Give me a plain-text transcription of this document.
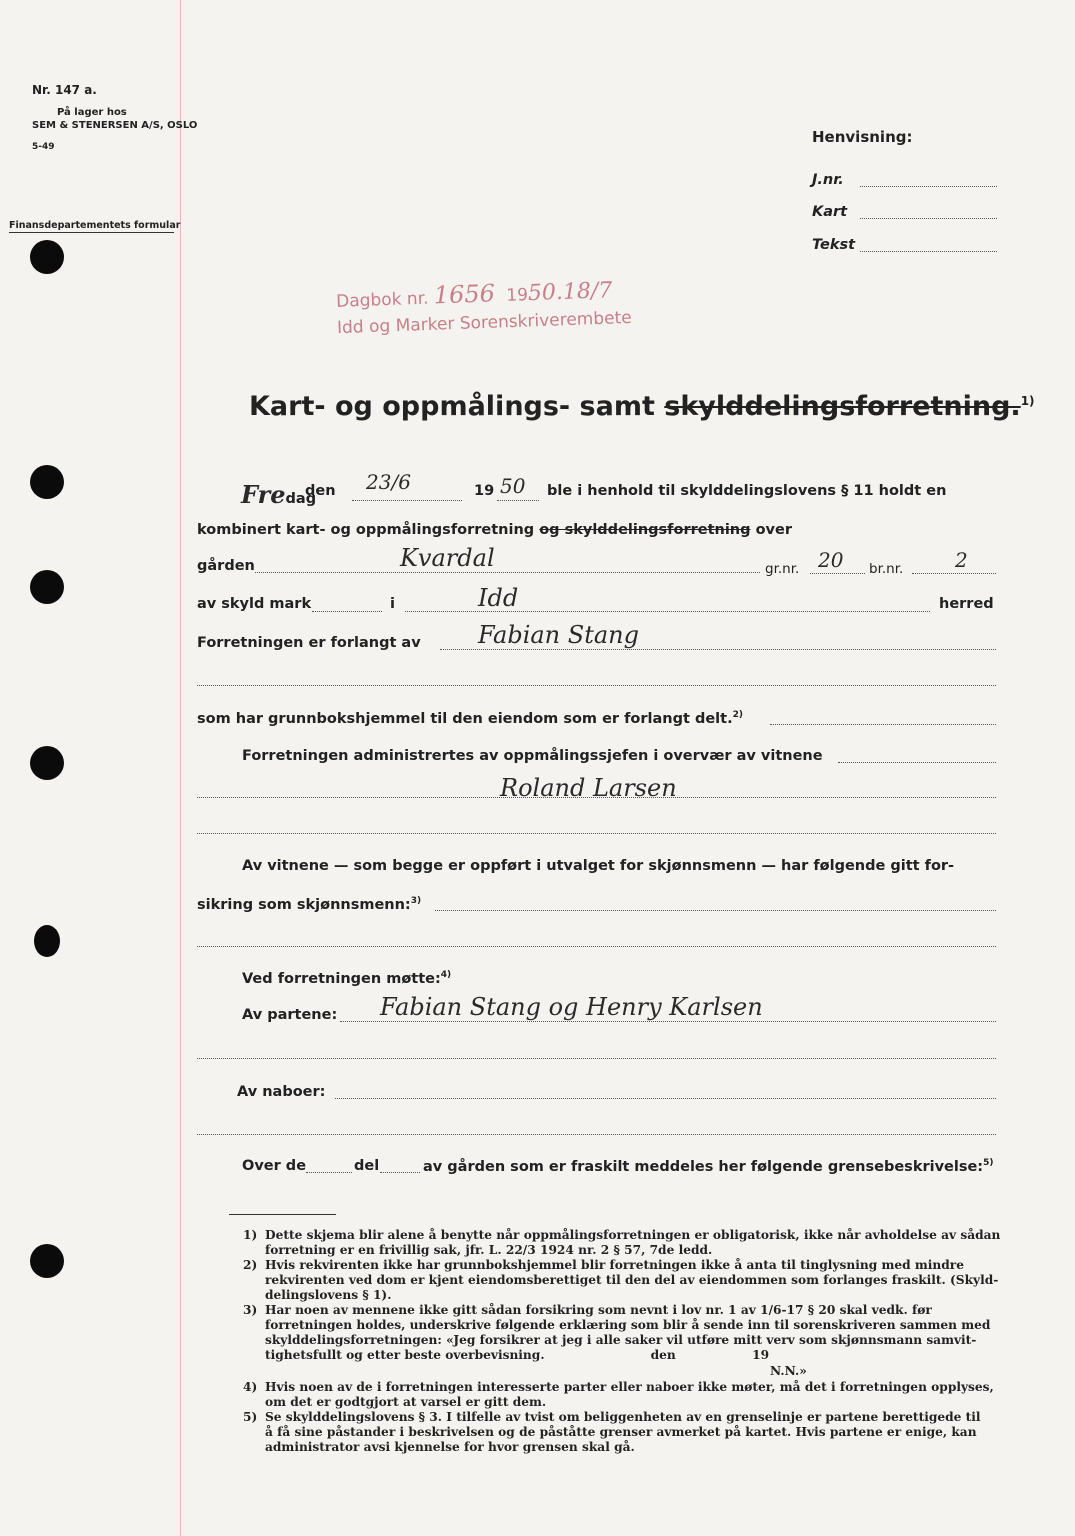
Nr. 147 a.
På lager hos
SEM & STENERSEN A/S, OSLO
5-49
Finansdepartementets formular
Henvisning:
J.nr.
Kart
Tekst
Dagbok nr. 1656 1950.18/7
Idd og Marker Sorenskriverembete
Kart- og oppmålings- samt skylddelingsforretning.$^{1)}$
Fredag
den 23/6	19 50 ble i henhold til skylddelingslovens § 11 holdt en
kombinert kart- og oppmålingsforretning og skylddelingsforretning over
gården	Kvardal	gr.nr. 20 br.nr.	2
av skyld mark	i	Idd	herred
Forretningen er forlangt av Fabian Stang
som har grunnbokshjemmel til den eiendom som er forlangt delt.$^{2)}$
Forretningen administrertes av oppmålingssjefen i overvær av vitnene
Roland Larsen
Av vitnene — som begge er oppført i utvalget for skjønnsmenn — har følgende gitt for-
sikring som skjønnsmenn:$^{3)}$
Ved forretningen møtte:$^{4)}$
Av partene: Fabian Stang og Henry Karlsen
Av naboer:
Over de	del	av gården som er fraskilt meddeles her følgende grensebeskrivelse:$^{5)}$
1) Dette skjema blir alene å benytte når oppmålingsforretningen er obligatorisk, ikke når avholdelse av sådan
forretning er en frivillig sak, jfr. L. 22/3 1924 nr. 2 § 57, 7de ledd.
2) Hvis rekvirenten ikke har grunnbokshjemmel blir forretningen ikke å anta til tinglysning med mindre
rekvirenten ved dom er kjent eiendomsberettiget til den del av eiendommen som forlanges fraskilt. (Skyld-
delingslovens § 1).
3) Har noen av mennene ikke gitt sådan forsikring som nevnt i lov nr. 1 av 1/6-17 § 20 skal vedk. før
forretningen holdes, underskrive følgende erklæring som blir å sende inn til sorenskriveren sammen med
skylddelingsforretningen: «Jeg forsikrer at jeg i alle saker vil utføre mitt verv som skjønnsmann samvit-
tighetsfullt og etter beste overbevisning.                         den                  19
N.N.»
4) Hvis noen av de i forretningen interesserte parter eller naboer ikke møter, må det i forretningen opplyses,
om det er godtgjort at varsel er gitt dem.
5) Se skylddelingslovens § 3. I tilfelle av tvist om beliggenheten av en grenselinje er partene berettigede til
å få sine påstander i beskrivelsen og de påståtte grenser avmerket på kartet. Hvis partene er enige, kan
administrator avsi kjennelse for hvor grensen skal gå.
